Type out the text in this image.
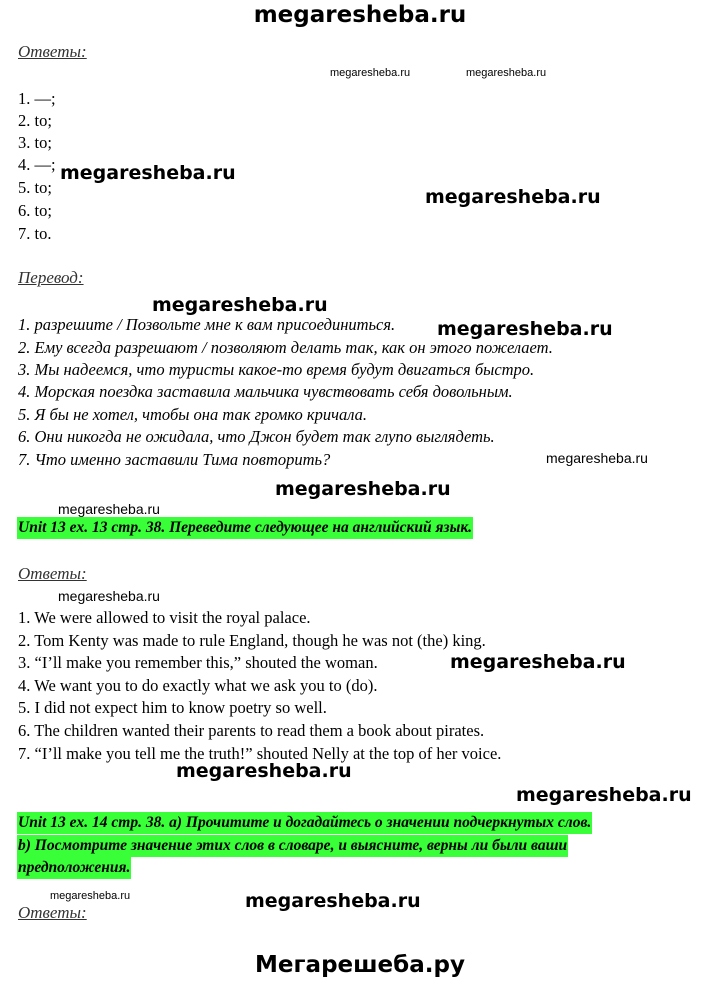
megaresheba.ru
Мегарешеба.ру
Ответы:
megaresheba.ru	megaresheba.ru
1. —;
2. to;
3. to;
4. —;
5. to;
6. to;
7. to.
megaresheba.ru
megaresheba.ru
Перевод:
megaresheba.ru
1. разрешите / Позвольте мне к вам присоединиться. megaresheba.ru
2. Ему всегда разрешают / позволяют делать так, как он этого пожелает.
3. Мы надеемся, что туристы какое-то время будут двигаться быстро.
4. Морская поездка заставила мальчика чувствовать себя довольным.
5. Я бы не хотел, чтобы она так громко кричала.
6. Они никогда не ожидала, что Джон будет так глупо выглядеть.
7. Что именно заставили Тима повторить?	megaresheba.ru
megaresheba.ru
megaresheba.ru
Unit 13 ex. 13 стр. 38. Переведите следующее на английский язык.
Ответы:
megaresheba.ru
1. We were allowed to visit the royal palace.
2. Tom Kenty was made to rule England, though he was not (the) king.
3. “I’ll make you remember this,” shouted the woman.	megaresheba.ru
4. We want you to do exactly what we ask you to (do).
5. I did not expect him to know poetry so well.
6. The children wanted their parents to read them a book about pirates.
7. “I’ll make you tell me the truth!” shouted Nelly at the top of her voice.
megaresheba.ru
megaresheba.ru
Unit 13 ex. 14 стр. 38. a) Прочитите и догадайтесь о значении подчеркнутых слов.
b) Посмотрите значение этих слов в словаре, и выясните, верны ли были ваши
предположения.
megaresheba.ru	megaresheba.ru
Ответы:
